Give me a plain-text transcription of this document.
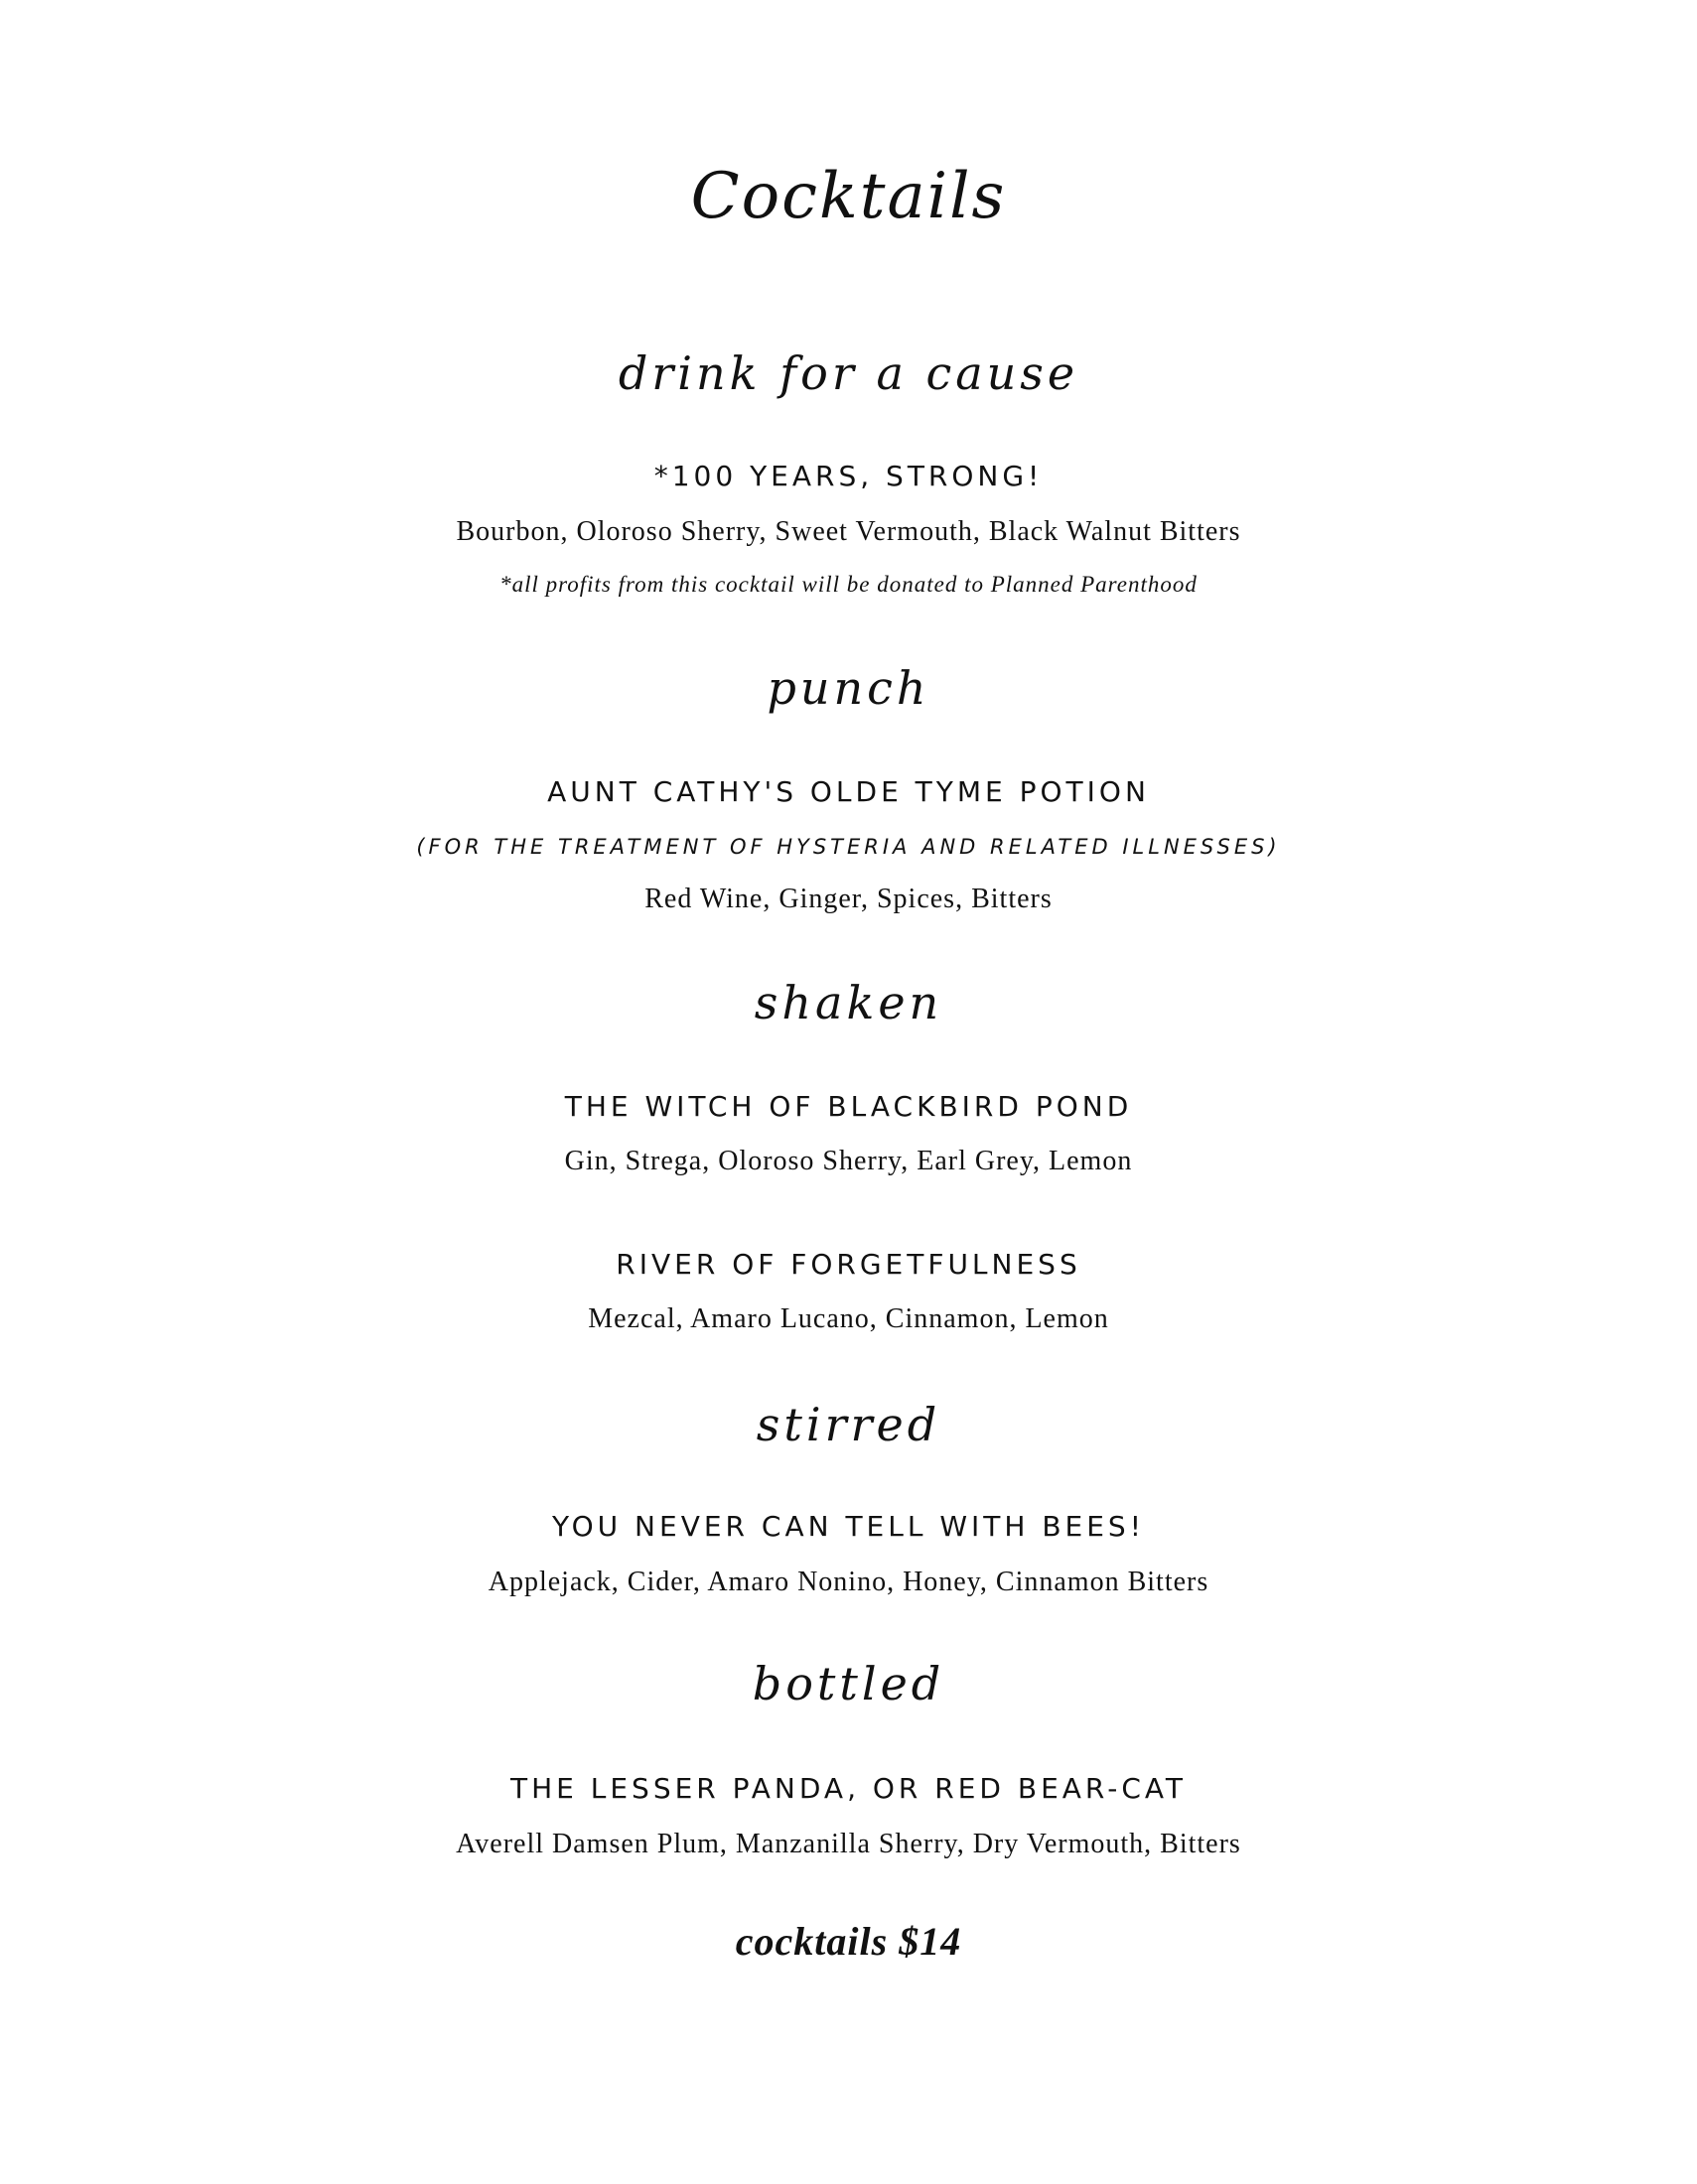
Cocktails
drink for a cause
*100 YEARS, STRONG!
Bourbon, Oloroso Sherry, Sweet Vermouth, Black Walnut Bitters
*all profits from this cocktail will be donated to Planned Parenthood
punch
AUNT CATHY'S OLDE TYME POTION
(FOR THE TREATMENT OF HYSTERIA AND RELATED ILLNESSES)
Red Wine, Ginger, Spices, Bitters
shaken
THE WITCH OF BLACKBIRD POND
Gin, Strega, Oloroso Sherry, Earl Grey, Lemon
RIVER OF FORGETFULNESS
Mezcal, Amaro Lucano, Cinnamon, Lemon
stirred
YOU NEVER CAN TELL WITH BEES!
Applejack, Cider, Amaro Nonino, Honey, Cinnamon Bitters
bottled
THE LESSER PANDA, OR RED BEAR-CAT
Averell Damsen Plum, Manzanilla Sherry, Dry Vermouth, Bitters
cocktails $14
